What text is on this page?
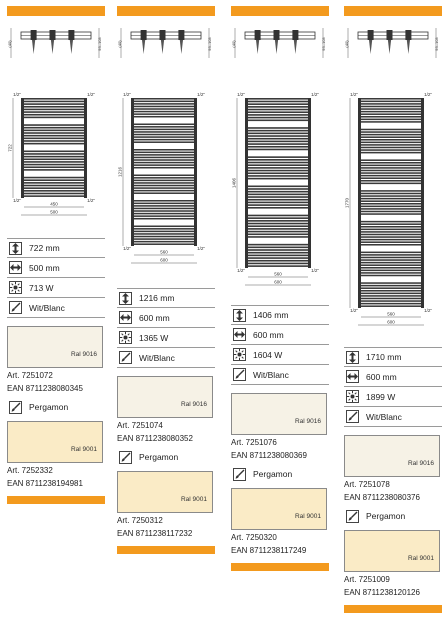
(40)	93–103
1/2"	1/2"
1/2"	1/2"
722
450
500
722 mm
500 mm
713 W
Wit/Blanc
Ral 9016
Art. 7251072
EAN 8711238080345
Pergamon
Ral 9001
Art. 7252332
EAN 8711238194981
(40)	93–103
1/2"	1/2"
1/2"	1/2"
1216
560
600
1216 mm
600 mm
1365 W
Wit/Blanc
Ral 9016
Art. 7251074
EAN 8711238080352
Pergamon
Ral 9001
Art. 7250312
EAN 8711238117232
(40)	93–103
1/2"	1/2"
1/2"	1/2"
1406
560
600
1406 mm
600 mm
1604 W
Wit/Blanc
Ral 9016
Art. 7251076
EAN 8711238080369
Pergamon
Ral 9001
Art. 7250320
EAN 8711238117249
(40)	93–103
1/2"	1/2"
1/2"	1/2"
1770
560
600
1710 mm
600 mm
1899 W
Wit/Blanc
Ral 9016
Art. 7251078
EAN 8711238080376
Pergamon
Ral 9001
Art. 7251009
EAN 8711238120126
